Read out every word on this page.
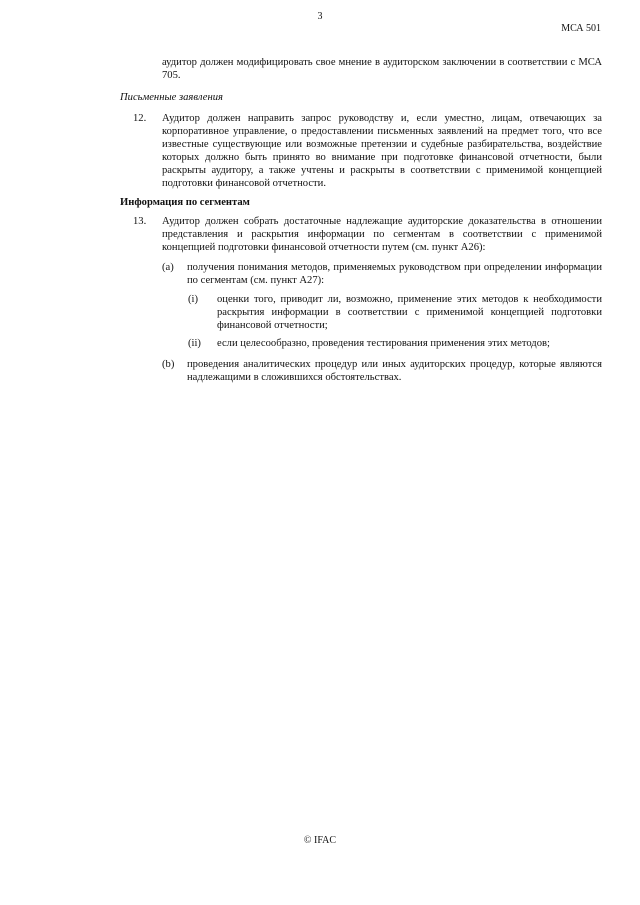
3
МСА 501
аудитор должен модифицировать свое мнение в аудиторском заключении в соответствии с МСА 705.
Письменные заявления
12. Аудитор должен направить запрос руководству и, если уместно, лицам, отвечающих за корпоративное управление, о предоставлении письменных заявлений на предмет того, что все известные существующие или возможные претензии и судебные разбирательства, воздействие которых должно быть принято во внимание при подготовке финансовой отчетности, были раскрыты аудитору, а также учтены и раскрыты в соответствии с применимой концепцией подготовки финансовой отчетности.
Информация по сегментам
13. Аудитор должен собрать достаточные надлежащие аудиторские доказательства в отношении представления и раскрытия информации по сегментам в соответствии с применимой концепцией подготовки финансовой отчетности путем (см. пункт А26):
(a) получения понимания методов, применяемых руководством при определении информации по сегментам (см. пункт А27):
(i) оценки того, приводит ли, возможно, применение этих методов к необходимости раскрытия информации в соответствии с применимой концепцией подготовки финансовой отчетности;
(ii) если целесообразно, проведения тестирования применения этих методов;
(b) проведения аналитических процедур или иных аудиторских процедур, которые являются надлежащими в сложившихся обстоятельствах.
© IFAC
